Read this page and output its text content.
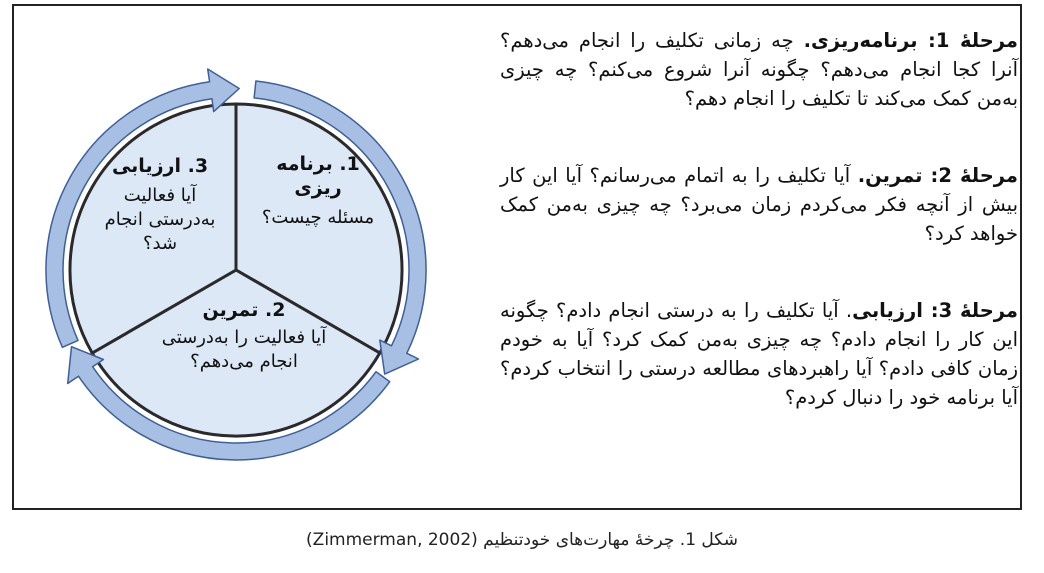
1. برنامه ریزی
مسئله چیست؟
2. تمرین
آیا فعالیت را به‌درستی انجام می‌دهم؟
3. ارزیابی
آیا فعالیت به‌درستی انجام شد؟

مرحلۀ 1: برنامه‌ریزی. چه زمانی تکلیف را انجام می‌دهم؟ آنرا کجا انجام می‌دهم؟ چگونه آنرا شروع می‌کنم؟ چه چیزی به‌من کمک می‌کند تا تکلیف را انجام دهم؟

مرحلۀ 2: تمرین. آیا تکلیف را به اتمام می‌رسانم؟ آیا این کار بیش از آنچه فکر می‌کردم زمان می‌برد؟ چه چیزی به‌من کمک خواهد کرد؟

مرحلۀ 3: ارزیابی. آیا تکلیف را به درستی انجام دادم؟ چگونه این کار را انجام دادم؟ چه چیزی به‌من کمک کرد؟ آیا به خودم زمان کافی دادم؟ آیا راهبردهای مطالعه درستی را انتخاب کردم؟ آیا برنامه خود را دنبال کردم؟

شکل 1. چرخۀ مهارت‌های خودتنظیم (Zimmerman, 2002)
